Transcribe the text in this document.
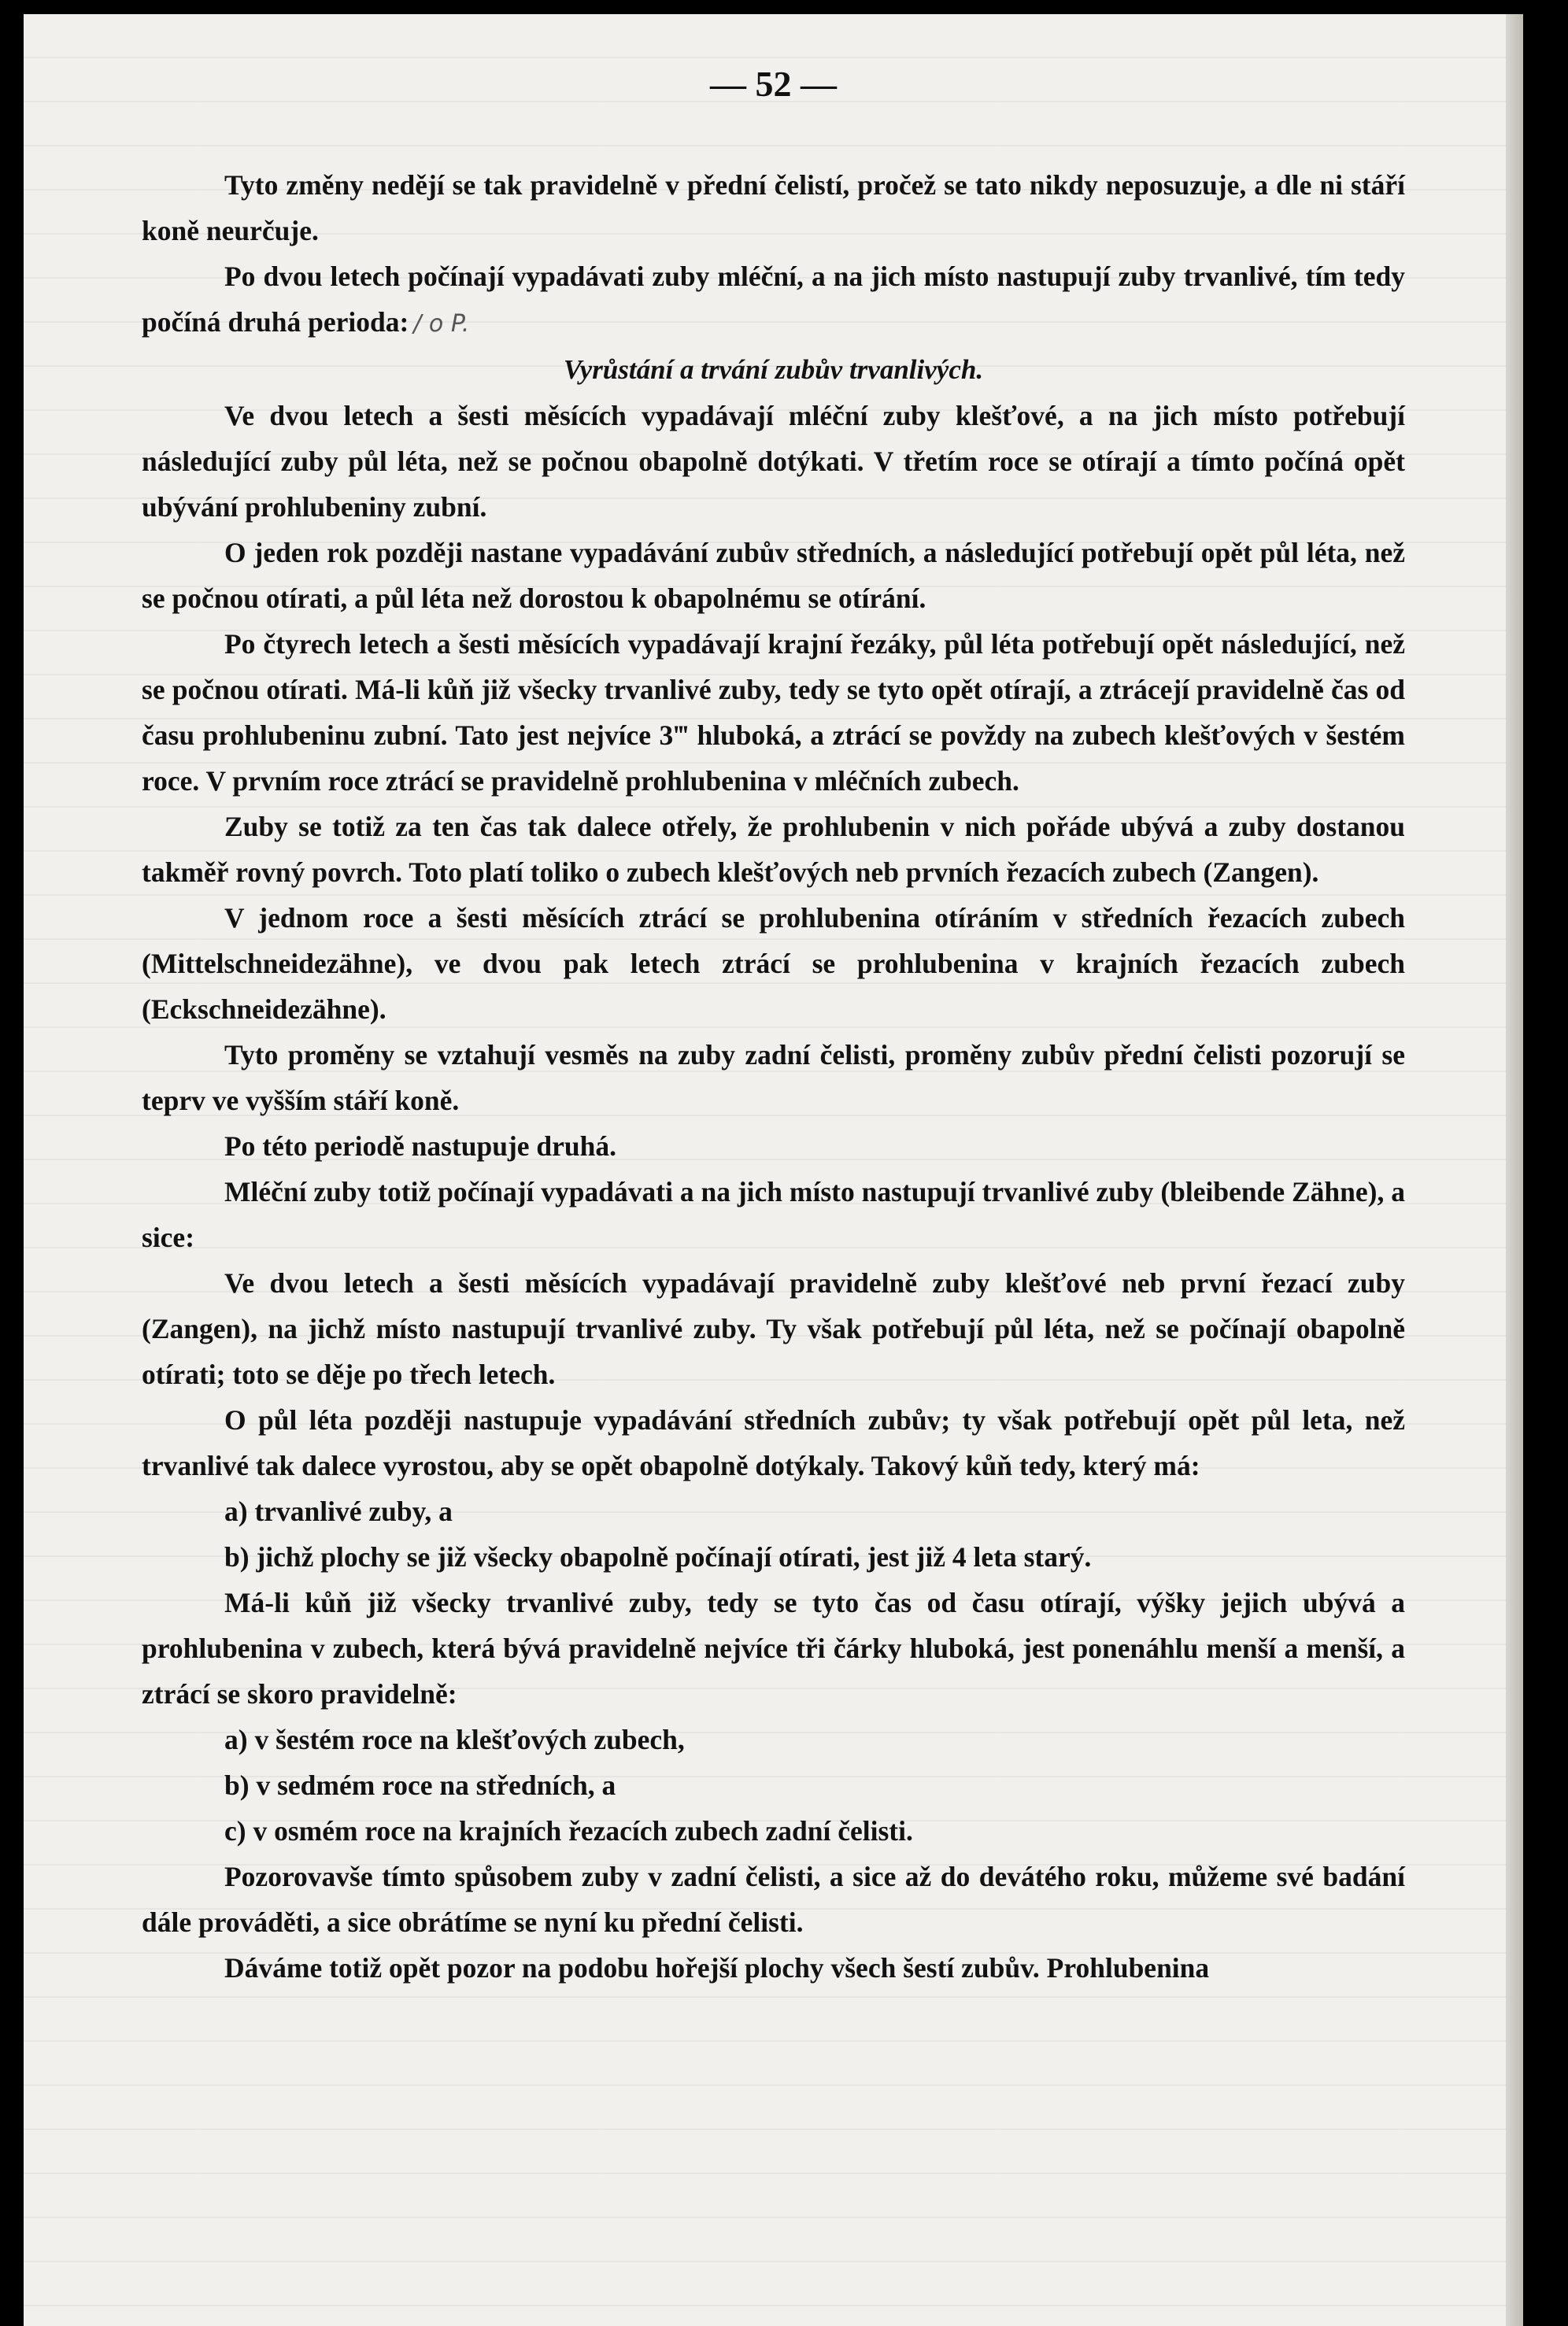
— 52 —

Tyto změny nedějí se tak pravidelně v přední čelistí, pročež se tato nikdy neposuzuje, a dle ni stáří koně neurčuje.

Po dvou letech počínají vypadávati zuby mléční, a na jich místo nastupují zuby trvanlivé, tím tedy počíná druhá perioda: / o P.

Vyrůstání a trvání zubův trvanlivých.

Ve dvou letech a šesti měsících vypadávají mléční zuby klešťové, a na jich místo potřebují následující zuby půl léta, než se počnou obapolně dotýkati. V třetím roce se otírají a tímto počíná opět ubývání prohlubeniny zubní.

O jeden rok později nastane vypadávání zubův středních, a následující potřebují opět půl léta, než se počnou otírati, a půl léta než dorostou k obapolnému se otírání.

Po čtyrech letech a šesti měsících vypadávají krajní řezáky, půl léta potřebují opět následující, než se počnou otírati. Má-li kůň již všecky trvanlivé zuby, tedy se tyto opět otírají, a ztrácejí pravidelně čas od času prohlubeninu zubní. Tato jest nejvíce 3‴ hluboká, a ztrácí se povždy na zubech klešťových v šestém roce. V prvním roce ztrácí se pravidelně prohlubenina v mléčních zubech.

Zuby se totiž za ten čas tak dalece otřely, že prohlubenin v nich pořáde ubývá a zuby dostanou takměř rovný povrch. Toto platí toliko o zubech klešťových neb prvních řezacích zubech (Zangen).

V jednom roce a šesti měsících ztrácí se prohlubenina otíráním v středních řezacích zubech (Mittelschneidezähne), ve dvou pak letech ztrácí se prohlubenina v krajních řezacích zubech (Eckschneidezähne).

Tyto proměny se vztahují vesměs na zuby zadní čelisti, proměny zubův přední čelisti pozorují se teprv ve vyšším stáří koně.

Po této periodě nastupuje druhá.

Mléční zuby totiž počínají vypadávati a na jich místo nastupují trvanlivé zuby (bleibende Zähne), a sice:

Ve dvou letech a šesti měsících vypadávají pravidelně zuby klešťové neb první řezací zuby (Zangen), na jichž místo nastupují trvanlivé zuby. Ty však potřebují půl léta, než se počínají obapolně otírati; toto se děje po třech letech.

O půl léta později nastupuje vypadávání středních zubův; ty však potřebují opět půl leta, než trvanlivé tak dalece vyrostou, aby se opět obapolně dotýkaly. Takový kůň tedy, který má:

a) trvanlivé zuby, a

b) jichž plochy se již všecky obapolně počínají otírati, jest již 4 leta starý.

Má-li kůň již všecky trvanlivé zuby, tedy se tyto čas od času otírají, výšky jejich ubývá a prohlubenina v zubech, která bývá pravidelně nejvíce tři čárky hluboká, jest ponenáhlu menší a menší, a ztrácí se skoro pravidelně:

a) v šestém roce na klešťových zubech,

b) v sedmém roce na středních, a

c) v osmém roce na krajních řezacích zubech zadní čelisti.

Pozorovavše tímto spůsobem zuby v zadní čelisti, a sice až do devátého roku, můžeme své badání dále prováděti, a sice obrátíme se nyní ku přední čelisti.

Dáváme totiž opět pozor na podobu hořejší plochy všech šestí zubův. Prohlubenina
